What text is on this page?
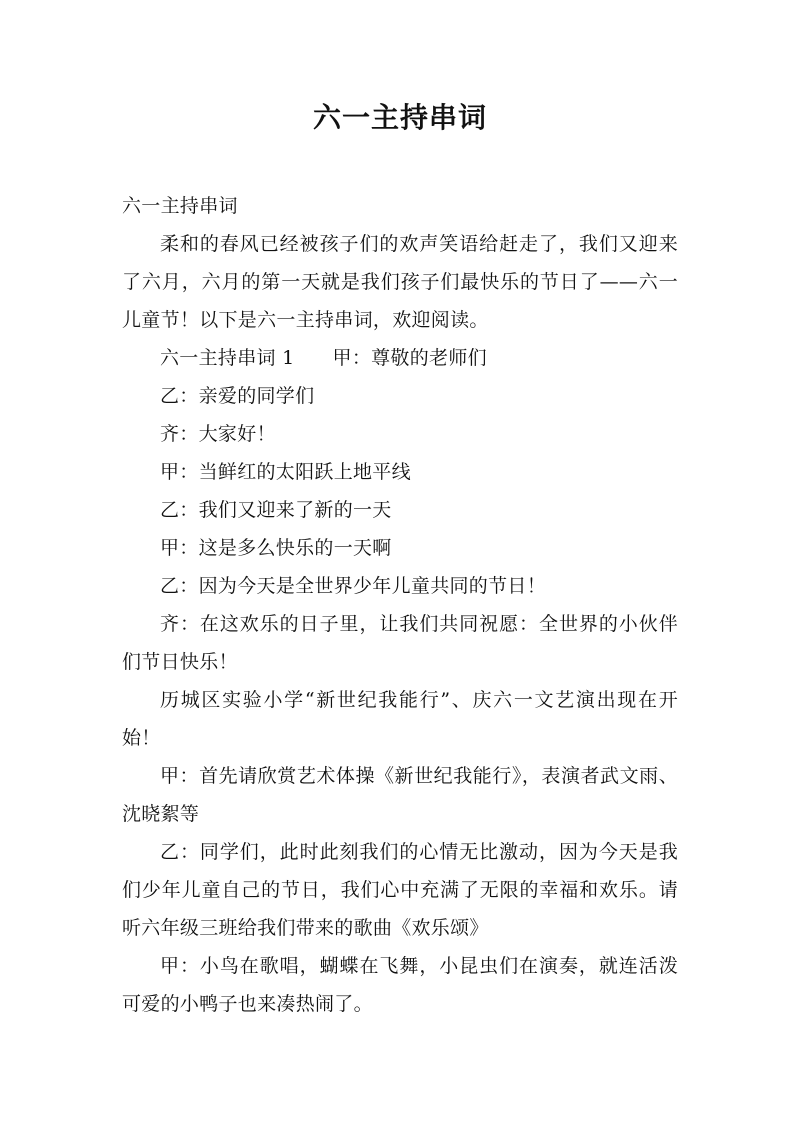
六一主持串词

六一主持串词

柔和的春风已经被孩子们的欢声笑语给赶走了，我们又迎来了六月，六月的第一天就是我们孩子们最快乐的节日了——六一儿童节！以下是六一主持串词，欢迎阅读。

六一主持串词 1 甲：尊敬的老师们

乙：亲爱的同学们

齐：大家好！

甲：当鲜红的太阳跃上地平线

乙：我们又迎来了新的一天

甲：这是多么快乐的一天啊

乙：因为今天是全世界少年儿童共同的节日！

齐：在这欢乐的日子里，让我们共同祝愿：全世界的小伙伴们节日快乐！

历城区实验小学“新世纪我能行”、庆六一文艺演出现在开始！

甲：首先请欣赏艺术体操《新世纪我能行》，表演者武文雨、沈晓絮等

乙：同学们，此时此刻我们的心情无比激动，因为今天是我们少年儿童自己的节日，我们心中充满了无限的幸福和欢乐。请听六年级三班给我们带来的歌曲《欢乐颂》

甲：小鸟在歌唱，蝴蝶在飞舞，小昆虫们在演奏，就连活泼可爱的小鸭子也来凑热闹了。
